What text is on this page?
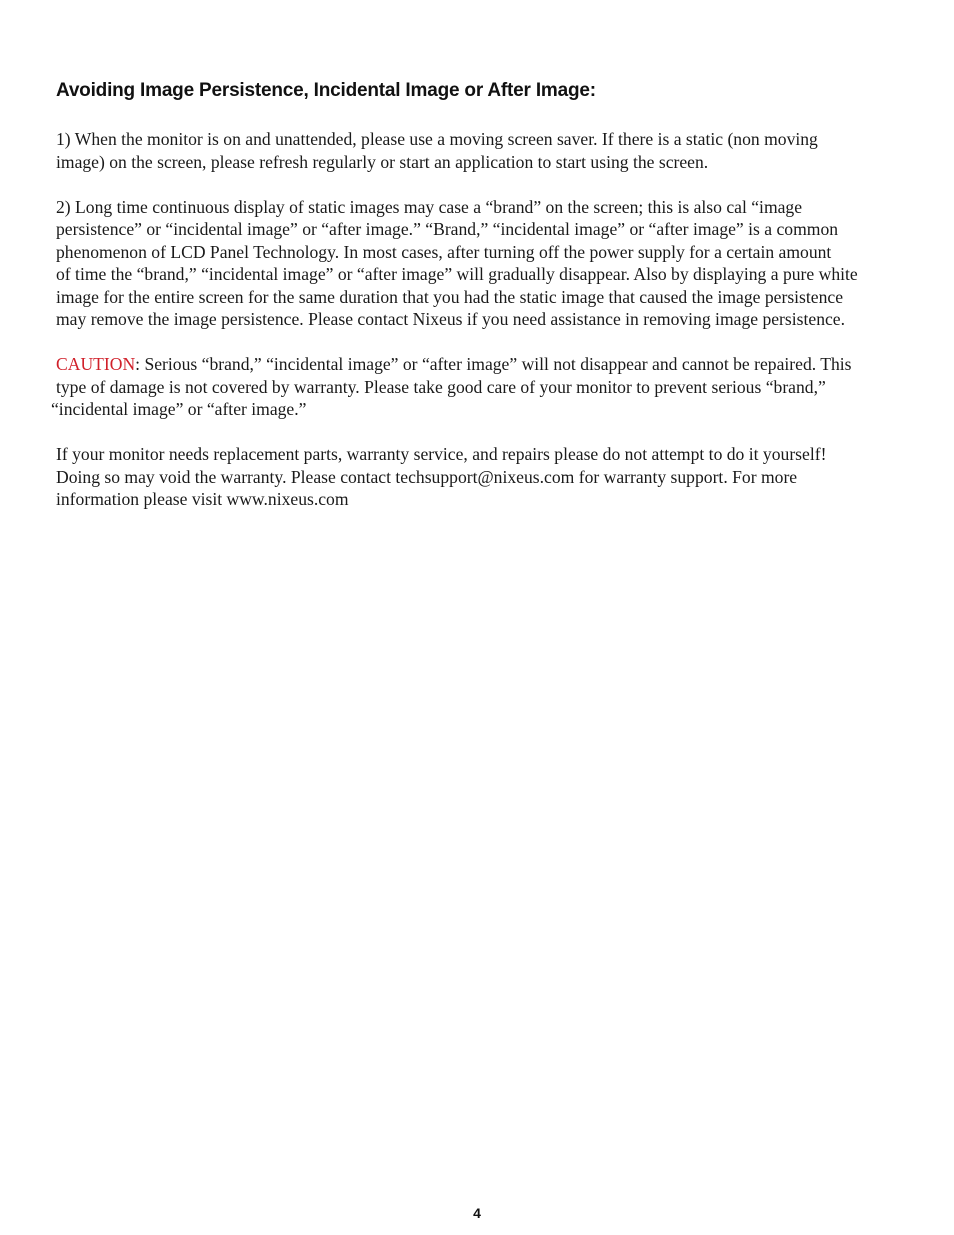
Avoiding Image Persistence, Incidental Image or After Image:

1) When the monitor is on and unattended, please use a moving screen saver. If there is a static (non moving

image) on the screen, please refresh regularly or start an application to start using the screen.

2) Long time continuous display of static images may case a “brand” on the screen; this is also cal “image

persistence” or “incidental image” or “after image.” “Brand,” “incidental image” or “after image” is a common

phenomenon of LCD Panel Technology. In most cases, after turning off the power supply for a certain amount

of time the “brand,” “incidental image” or “after image” will gradually disappear. Also by displaying a pure white

image for the entire screen for the same duration that you had the static image that caused the image persistence

may remove the image persistence. Please contact Nixeus if you need assistance in removing image persistence.

CAUTION: Serious “brand,” “incidental image” or “after image” will not disappear and cannot be repaired. This

type of damage is not covered by warranty. Please take good care of your monitor to prevent serious “brand,”

“incidental image” or “after image.”

If your monitor needs replacement parts, warranty service, and repairs please do not attempt to do it yourself!

Doing so may void the warranty. Please contact techsupport@nixeus.com for warranty support. For more

information please visit www.nixeus.com

4
